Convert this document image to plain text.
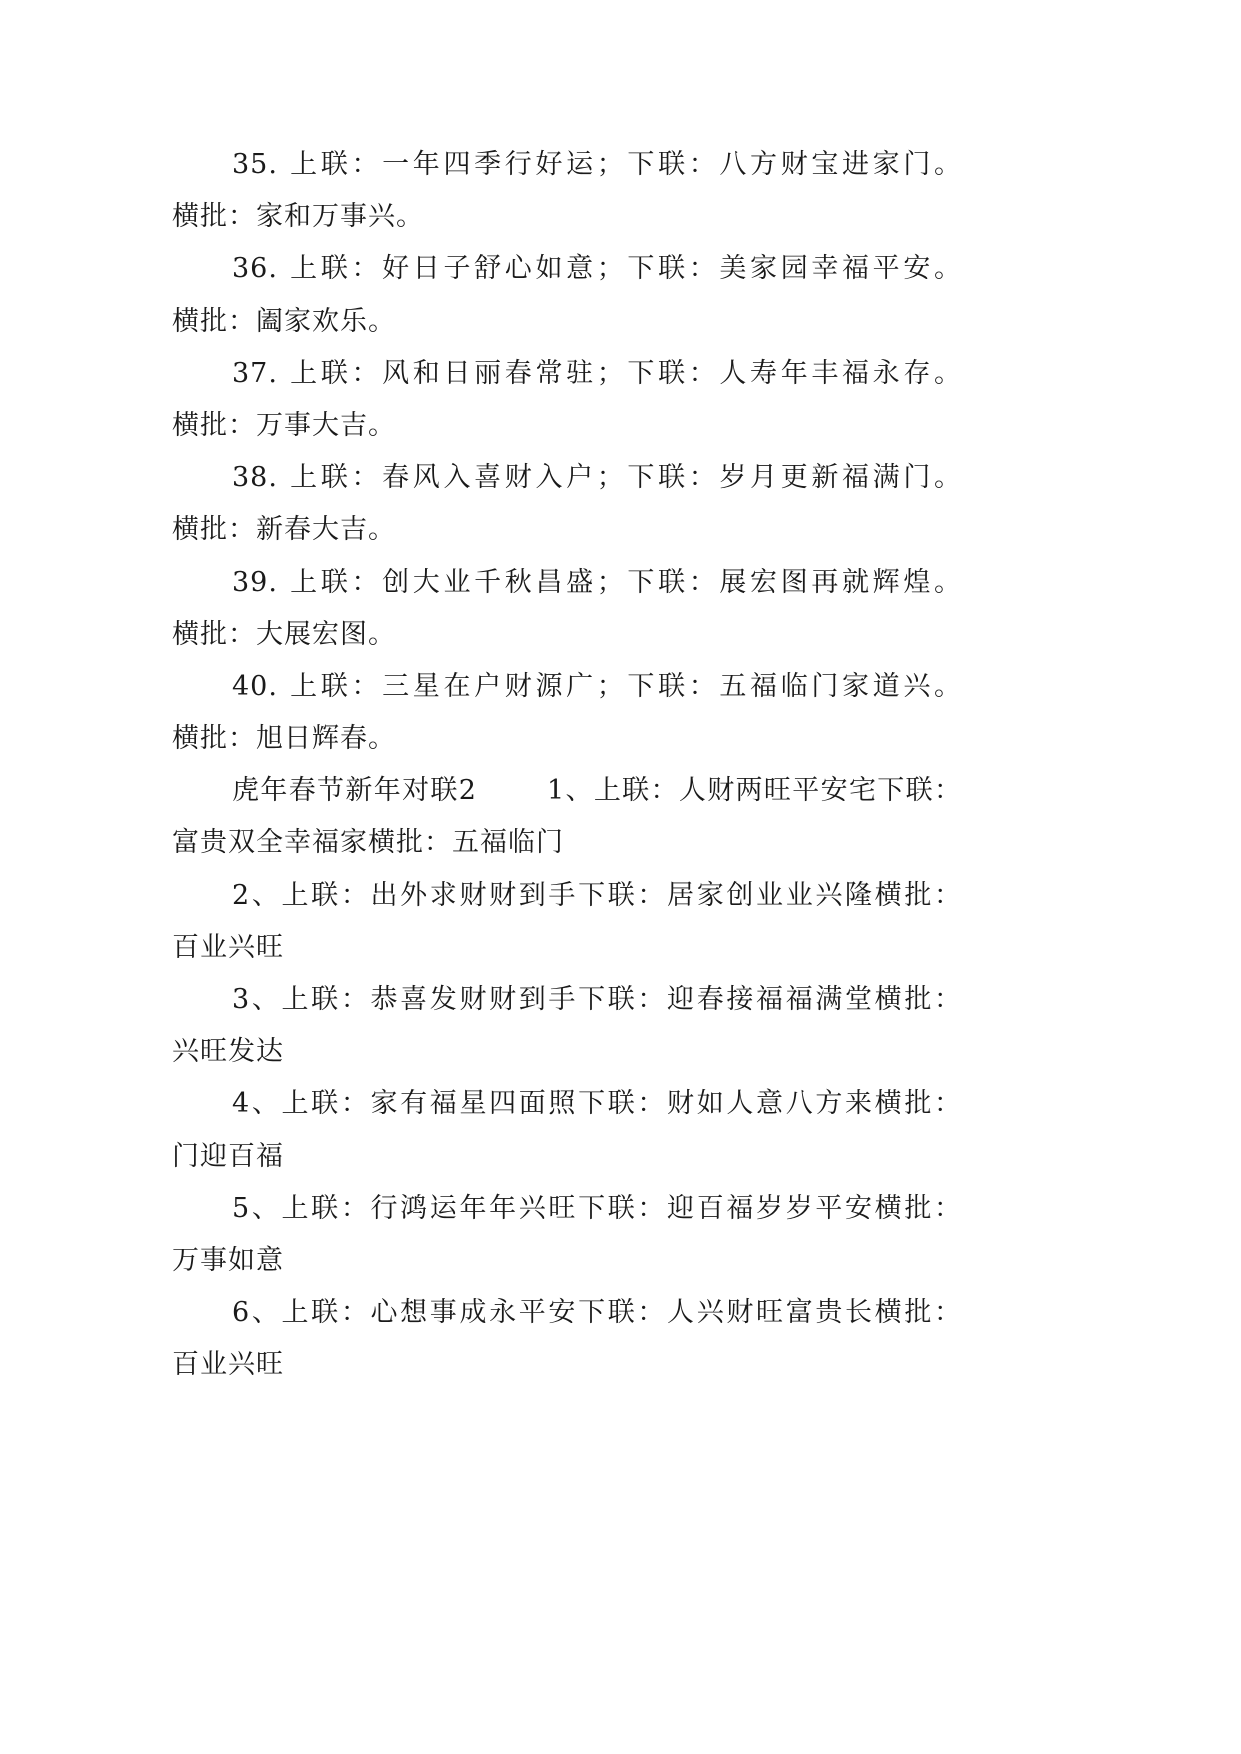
35. 上联：一年四季行好运；下联：八方财宝进家门。
横批：家和万事兴。
36. 上联：好日子舒心如意；下联：美家园幸福平安。
横批：阖家欢乐。
37. 上联：风和日丽春常驻；下联：人寿年丰福永存。
横批：万事大吉。
38. 上联：春风入喜财入户；下联：岁月更新福满门。
横批：新春大吉。
39. 上联：创大业千秋昌盛；下联：展宏图再就辉煌。
横批：大展宏图。
40. 上联：三星在户财源广；下联：五福临门家道兴。
横批：旭日辉春。
虎年春节新年对联2	1、上联：人财两旺平安宅下联：
富贵双全幸福家横批：五福临门
2、上联：出外求财财到手下联：居家创业业兴隆横批：
百业兴旺
3、上联：恭喜发财财到手下联：迎春接福福满堂横批：
兴旺发达
4、上联：家有福星四面照下联：财如人意八方来横批：
门迎百福
5、上联：行鸿运年年兴旺下联：迎百福岁岁平安横批：
万事如意
6、上联：心想事成永平安下联：人兴财旺富贵长横批：
百业兴旺
